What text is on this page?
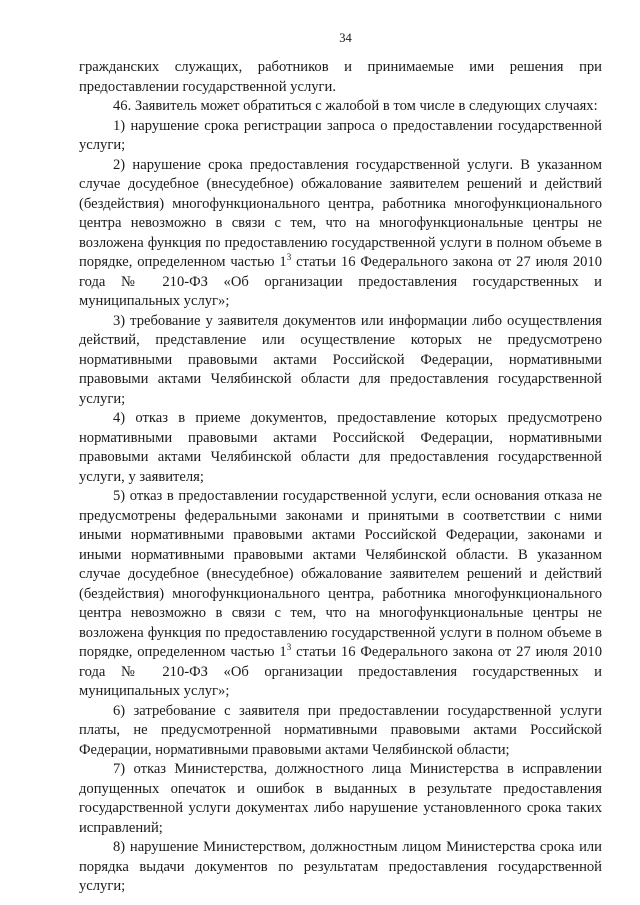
34

гражданских служащих, работников и принимаемые ими решения при предоставлении государственной услуги.

46. Заявитель может обратиться с жалобой в том числе в следующих случаях:

1) нарушение срока регистрации запроса о предоставлении государственной услуги;

2) нарушение срока предоставления государственной услуги. В указанном случае досудебное (внесудебное) обжалование заявителем решений и действий (бездействия) многофункционального центра, работника многофункционального центра невозможно в связи с тем, что на многофункциональные центры не возложена функция по предоставлению государственной услуги в полном объеме в порядке, определенном частью $1^3$ статьи 16 Федерального закона от 27 июля 2010 года № 210-ФЗ «Об организации предоставления государственных и муниципальных услуг»;

3) требование у заявителя документов или информации либо осуществления действий, представление или осуществление которых не предусмотрено нормативными правовыми актами Российской Федерации, нормативными правовыми актами Челябинской области для предоставления государственной услуги;

4) отказ в приеме документов, предоставление которых предусмотрено нормативными правовыми актами Российской Федерации, нормативными правовыми актами Челябинской области для предоставления государственной услуги, у заявителя;

5) отказ в предоставлении государственной услуги, если основания отказа не предусмотрены федеральными законами и принятыми в соответствии с ними иными нормативными правовыми актами Российской Федерации, законами и иными нормативными правовыми актами Челябинской области. В указанном случае досудебное (внесудебное) обжалование заявителем решений и действий (бездействия) многофункционального центра, работника многофункционального центра невозможно в связи с тем, что на многофункциональные центры не возложена функция по предоставлению государственной услуги в полном объеме в порядке, определенном частью $1^3$ статьи 16 Федерального закона от 27 июля 2010 года № 210-ФЗ «Об организации предоставления государственных и муниципальных услуг»;

6) затребование с заявителя при предоставлении государственной услуги платы, не предусмотренной нормативными правовыми актами Российской Федерации, нормативными правовыми актами Челябинской области;

7) отказ Министерства, должностного лица Министерства в исправлении допущенных опечаток и ошибок в выданных в результате предоставления государственной услуги документах либо нарушение установленного срока таких исправлений;

8) нарушение Министерством, должностным лицом Министерства срока или порядка выдачи документов по результатам предоставления государственной услуги;
